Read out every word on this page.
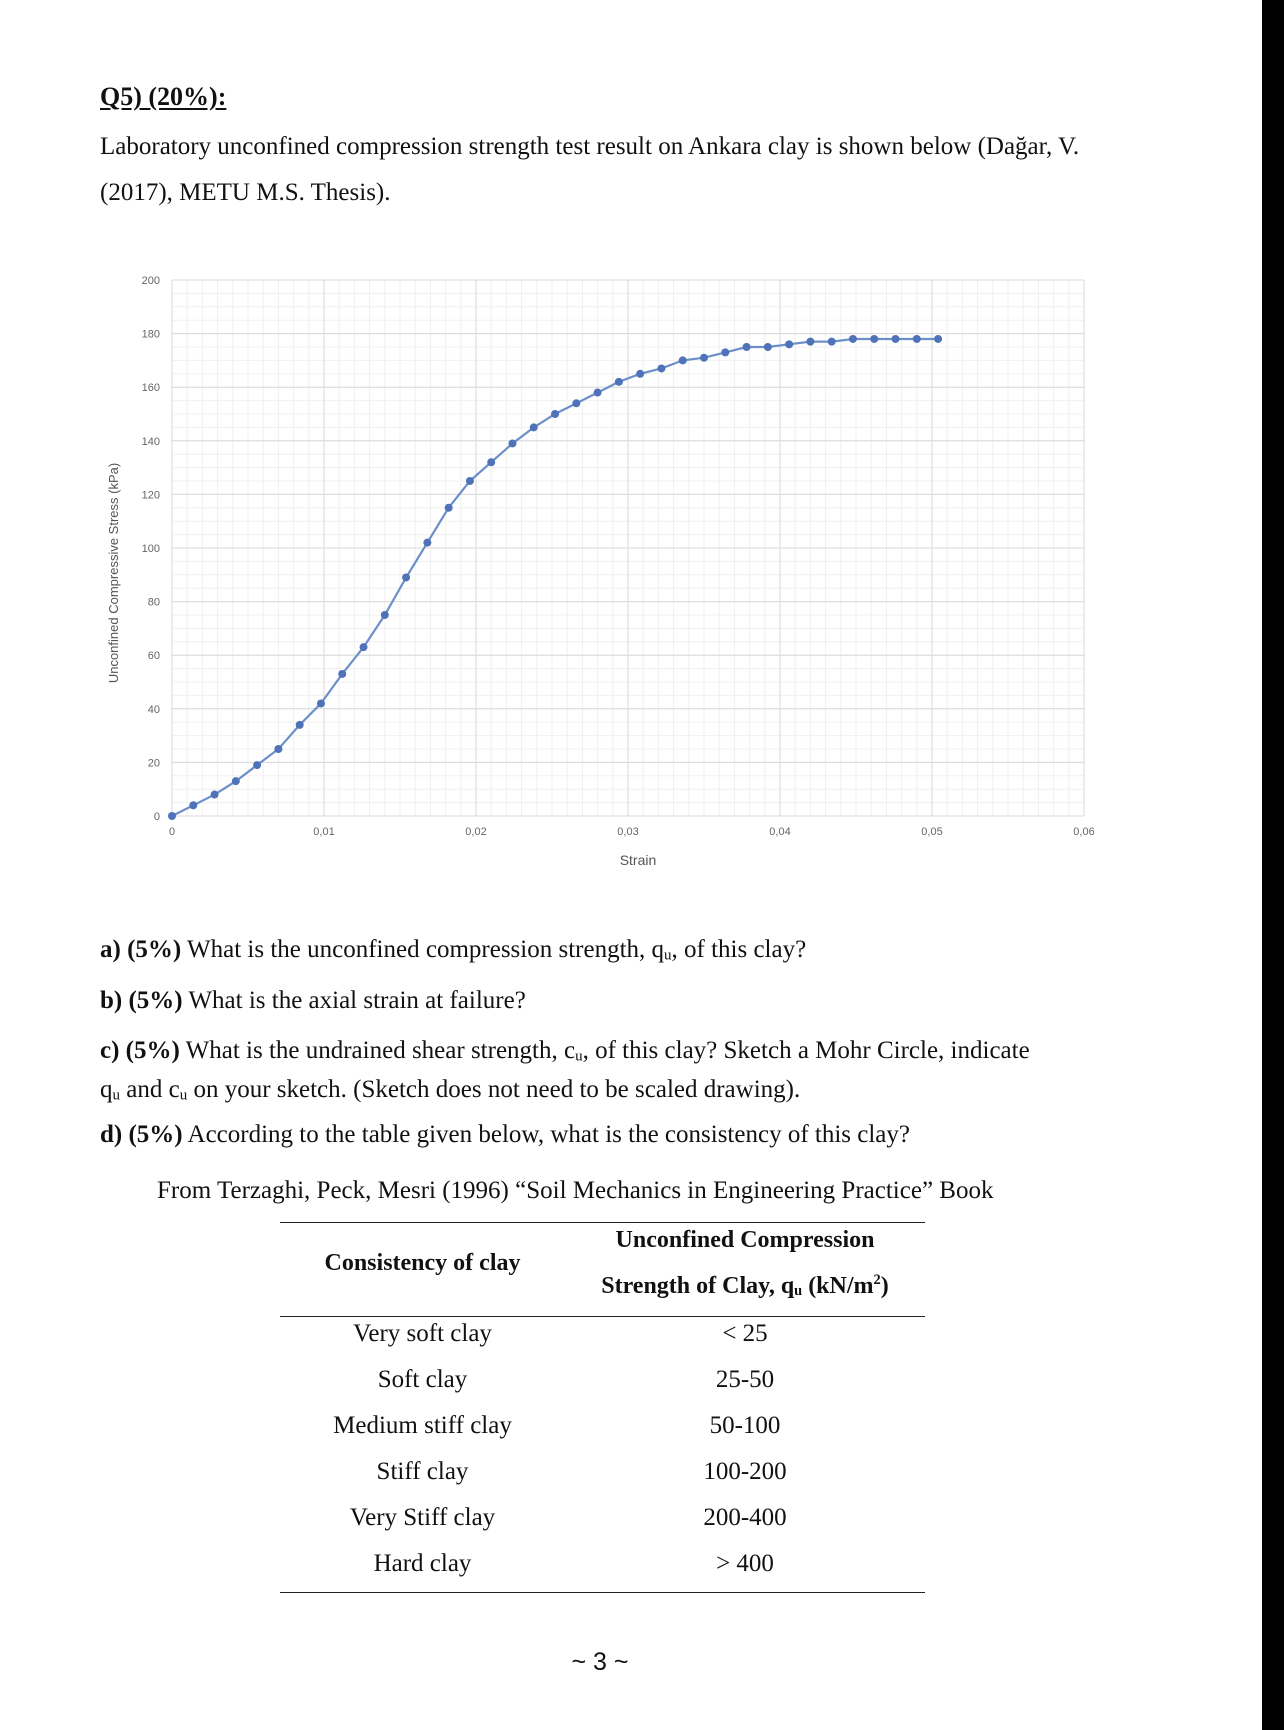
Q5) (20%):
Laboratory unconfined compression strength test result on Ankara clay is shown below (Dağar, V. (2017), METU M.S. Thesis).
0
20
40
60
80
100
120
140
160
180
200
0	0,01	0,02	0,03	0,04	0,05	0,06
Unconfined Compressive Stress (kPa)
Strain
a) (5%) What is the unconfined compression strength, $q_u$, of this clay?
b) (5%) What is the axial strain at failure?
c) (5%) What is the undrained shear strength, $c_u$, of this clay? Sketch a Mohr Circle, indicate
$q_u$ and $c_u$ on your sketch. (Sketch does not need to be scaled drawing).
d) (5%) According to the table given below, what is the consistency of this clay?
From Terzaghi, Peck, Mesri (1996) “Soil Mechanics in Engineering Practice” Book
Consistency of clay
Unconfined Compression
Strength of Clay, $q_u$ $(kN/m^2)$
Very soft clay	< 25
Soft clay	25-50
Medium stiff clay	50-100
Stiff clay	100-200
Very Stiff clay	200-400
Hard clay	> 400
~ 3 ~
